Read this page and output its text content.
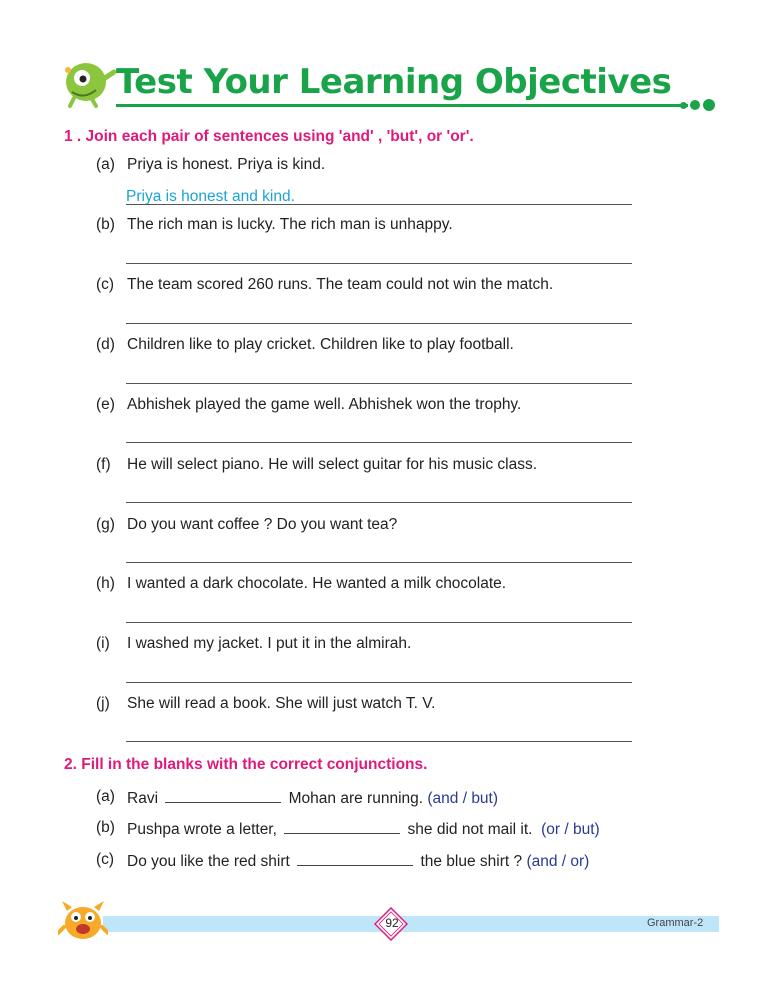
Test Your Learning Objectives
1 . Join each pair of sentences using 'and' , 'but', or 'or'.
(a) Priya is honest. Priya is kind.
Priya is honest and kind.
(b) The rich man is lucky. The rich man is unhappy.
(c) The team scored 260 runs. The team could not win the match.
(d) Children like to play cricket. Children like to play football.
(e) Abhishek played the game well. Abhishek won the trophy.
(f) He will select piano. He will select guitar for his music class.
(g) Do you want coffee ? Do you want tea?
(h) I wanted a dark chocolate. He wanted a milk chocolate.
(i) I washed my jacket. I put it in the almirah.
(j) She will read a book. She will just watch T. V.
2. Fill in the blanks with the correct conjunctions.
(a) Ravi	Mohan are running. (and / but)
(b) Pushpa wrote a letter,	she did not mail it. (or / but)
(c) Do you like the red shirt	the blue shirt ? (and / or)
92	Grammar-2
